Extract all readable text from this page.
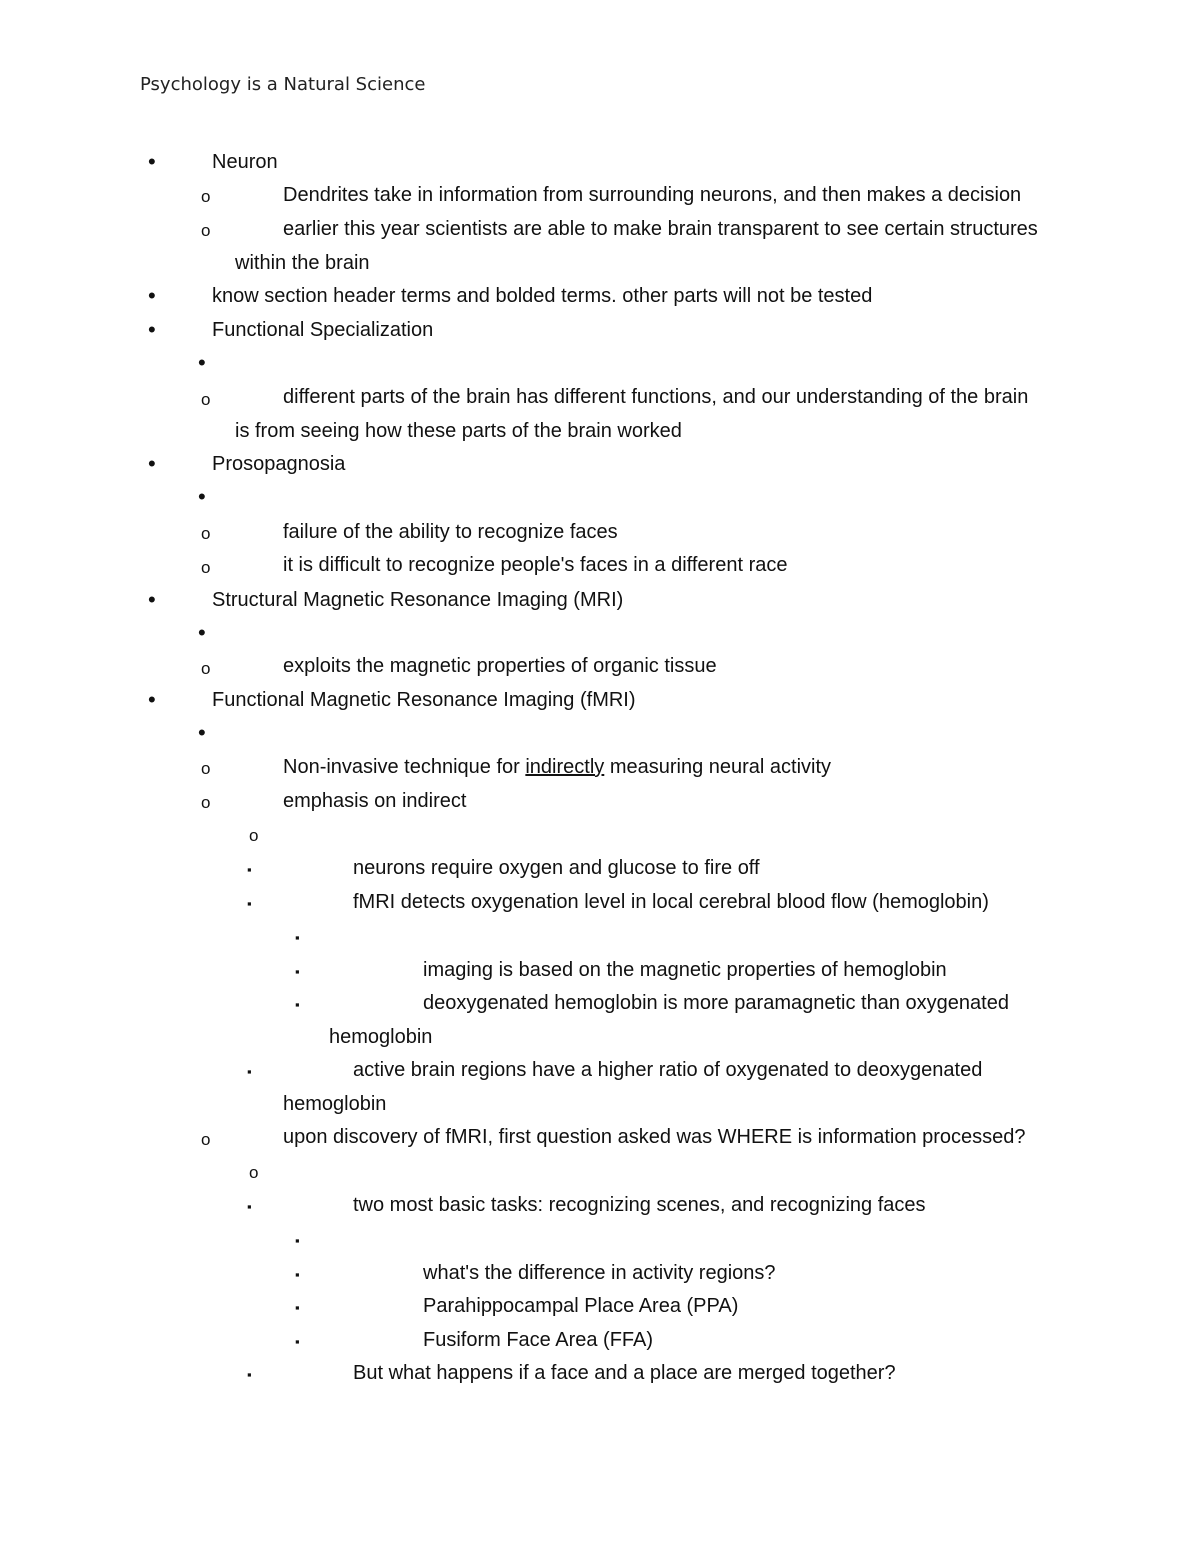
Psychology is a Natural Science
•	Neuron
o	Dendrites take in information from surrounding neurons, and then makes a decision
o	earlier this year scientists are able to make brain transparent to see certain structures
within the brain
•	know section header terms and bolded terms. other parts will not be tested
•	Functional Specialization
•
o	different parts of the brain has different functions, and our understanding of the brain
is from seeing how these parts of the brain worked
•	Prosopagnosia
•
o	failure of the ability to recognize faces
o	it is difficult to recognize people's faces in a different race
•	Structural Magnetic Resonance Imaging (MRI)
•
o	exploits the magnetic properties of organic tissue
•	Functional Magnetic Resonance Imaging (fMRI)
•
o	Non-invasive technique for indirectly measuring neural activity
o	emphasis on indirect
o
▪	neurons require oxygen and glucose to fire off
▪	fMRI detects oxygenation level in local cerebral blood flow (hemoglobin)
▪
▪	imaging is based on the magnetic properties of hemoglobin
▪	deoxygenated hemoglobin is more paramagnetic than oxygenated
hemoglobin
▪	active brain regions have a higher ratio of oxygenated to deoxygenated
hemoglobin
o	upon discovery of fMRI, first question asked was WHERE is information processed?
o
▪	two most basic tasks: recognizing scenes, and recognizing faces
▪
▪	what's the difference in activity regions?
▪	Parahippocampal Place Area (PPA)
▪	Fusiform Face Area (FFA)
▪	But what happens if a face and a place are merged together?
